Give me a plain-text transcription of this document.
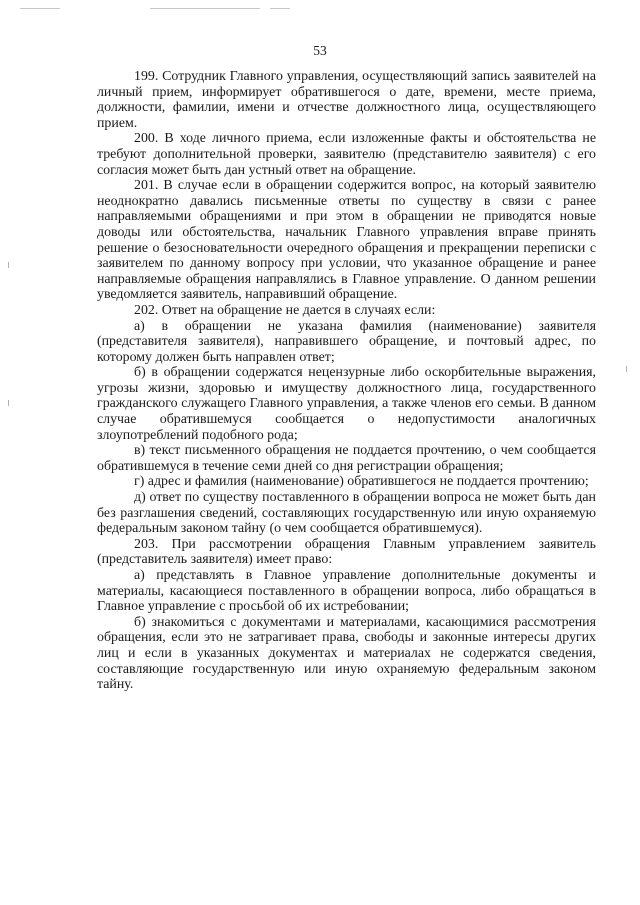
53

199. Сотрудник Главного управления, осуществляющий запись заявителей на личный прием, информирует обратившегося о дате, времени, месте приема, должности, фамилии, имени и отчестве должностного лица, осуществляющего прием.

200. В ходе личного приема, если изложенные факты и обстоятельства не требуют дополнительной проверки, заявителю (представителю заявителя) с его согласия может быть дан устный ответ на обращение.

201. В случае если в обращении содержится вопрос, на который заявителю неоднократно давались письменные ответы по существу в связи с ранее направляемыми обращениями и при этом в обращении не приводятся новые доводы или обстоятельства, начальник Главного управления вправе принять решение о безосновательности очередного обращения и прекращении переписки с заявителем по данному вопросу при условии, что указанное обращение и ранее направляемые обращения направлялись в Главное управление. О данном решении уведомляется заявитель, направивший обращение.

202. Ответ на обращение не дается в случаях если:

а) в обращении не указана фамилия (наименование) заявителя (представителя заявителя), направившего обращение, и почтовый адрес, по которому должен быть направлен ответ;

б) в обращении содержатся нецензурные либо оскорбительные выражения, угрозы жизни, здоровью и имуществу должностного лица, государственного гражданского служащего Главного управления, а также членов его семьи. В данном случае обратившемуся сообщается о недопустимости аналогичных злоупотреблений подобного рода;

в) текст письменного обращения не поддается прочтению, о чем сообщается обратившемуся в течение семи дней со дня регистрации обращения;

г) адрес и фамилия (наименование) обратившегося не поддается прочтению;

д) ответ по существу поставленного в обращении вопроса не может быть дан без разглашения сведений, составляющих государственную или иную охраняемую федеральным законом тайну (о чем сообщается обратившемуся).

203. При рассмотрении обращения Главным управлением заявитель (представитель заявителя) имеет право:

а) представлять в Главное управление дополнительные документы и материалы, касающиеся поставленного в обращении вопроса, либо обращаться в Главное управление с просьбой об их истребовании;

б) знакомиться с документами и материалами, касающимися рассмотрения обращения, если это не затрагивает права, свободы и законные интересы других лиц и если в указанных документах и материалах не содержатся сведения, составляющие государственную или иную охраняемую федеральным законом тайну.
